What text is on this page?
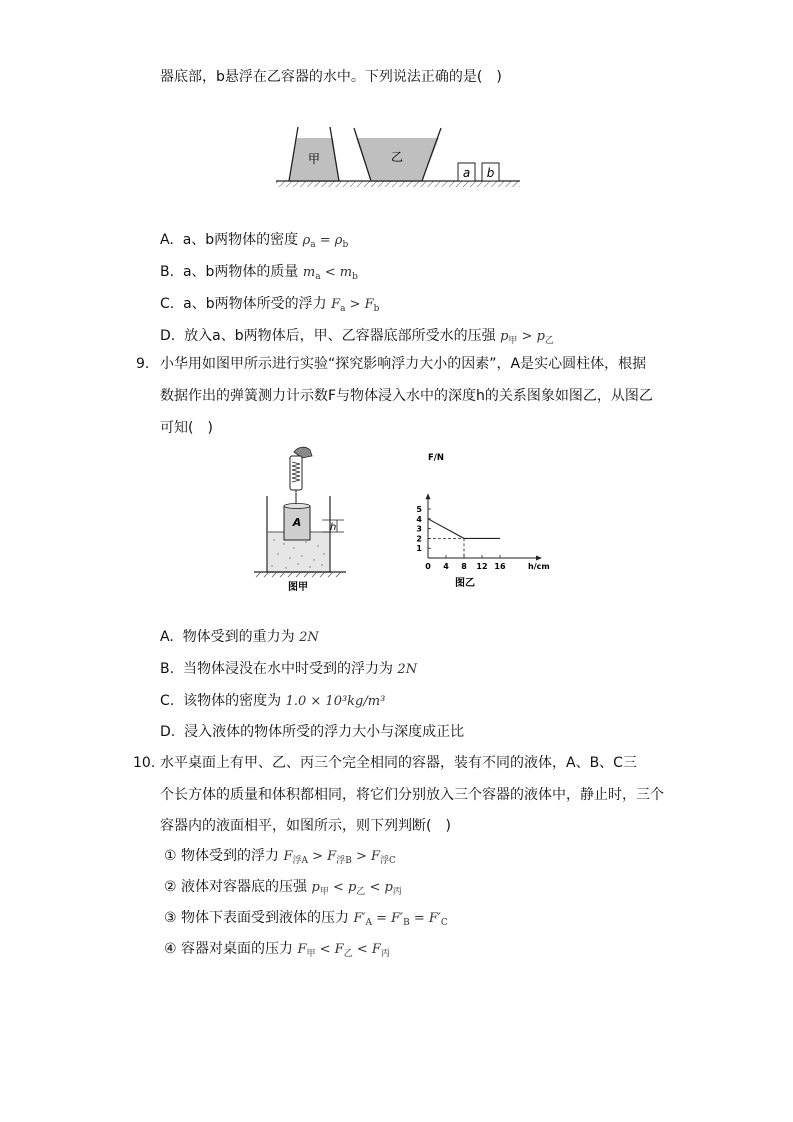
器底部，b悬浮在乙容器的水中。下列说法正确的是(　)
甲	乙
a b
A. a、b两物体的密度 $\rho_a = \rho_b$
B. a、b两物体的质量 $m_a < m_b$
C. a、b两物体所受的浮力 $F_a > F_b$
D. 放入a、b两物体后，甲、乙容器底部所受水的压强 $p_甲 > p_乙$
9. 小华用如图甲所示进行实验“探究影响浮力大小的因素”，A是实心圆柱体，根据
数据作出的弹簧测力计示数F与物体浸入水中的深度h的关系图象如图乙，从图乙
可知(　)
A	h
图甲
0 4 8 12 16
1
2
3
4
5
F/N
h/cm
图乙
A. 物体受到的重力为 2N
B. 当物体浸没在水中时受到的浮力为 2N
C. 该物体的密度为 1.0 × 10³kg/m³
D. 浸入液体的物体所受的浮力大小与深度成正比
10. 水平桌面上有甲、乙、丙三个完全相同的容器，装有不同的液体，A、B、C三
个长方体的质量和体积都相同，将它们分别放入三个容器的液体中，静止时，三个
容器内的液面相平，如图所示，则下列判断(　)
① 物体受到的浮力 $F_{浮A} > F_{浮B} > F_{浮C}$
② 液体对容器底的压强 $p_甲 < p_乙 < p_丙$
③ 物体下表面受到液体的压力 $F'_A = F'_B = F'_C$
④ 容器对桌面的压力 $F_甲 < F_乙 < F_丙$
